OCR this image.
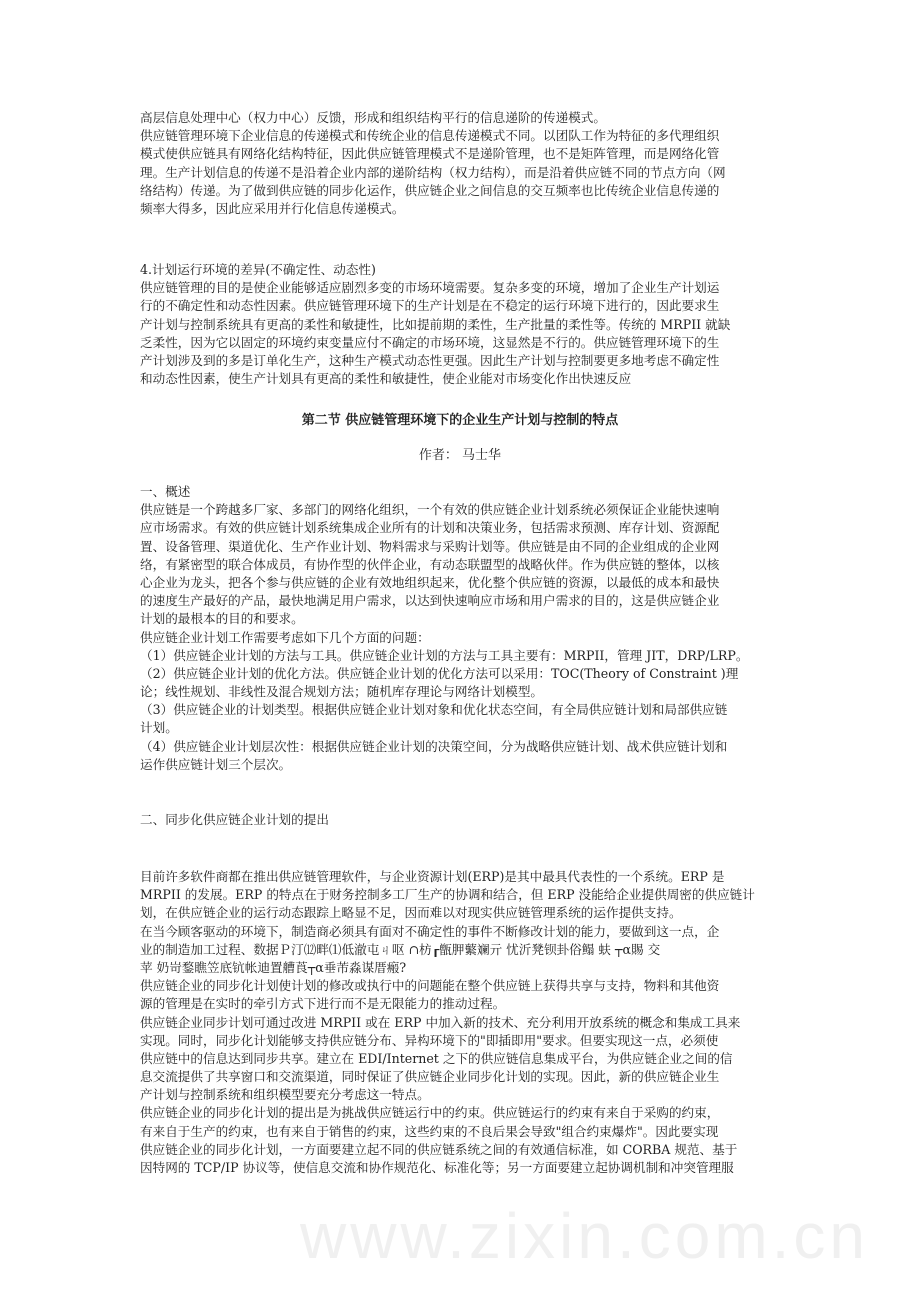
高层信息处理中心（权力中心）反馈，形成和组织结构平行的信息递阶的传递模式。
供应链管理环境下企业信息的传递模式和传统企业的信息传递模式不同。以团队工作为特征的多代理组织
模式使供应链具有网络化结构特征，因此供应链管理模式不是递阶管理，也不是矩阵管理，而是网络化管
理。生产计划信息的传递不是沿着企业内部的递阶结构（权力结构），而是沿着供应链不同的节点方向（网
络结构）传递。为了做到供应链的同步化运作，供应链企业之间信息的交互频率也比传统企业信息传递的
频率大得多，因此应采用并行化信息传递模式。
4.计划运行环境的差异(不确定性、动态性)
供应链管理的目的是使企业能够适应剧烈多变的市场环境需要。复杂多变的环境，增加了企业生产计划运
行的不确定性和动态性因素。供应链管理环境下的生产计划是在不稳定的运行环境下进行的，因此要求生
产计划与控制系统具有更高的柔性和敏捷性，比如提前期的柔性，生产批量的柔性等。传统的 MRPII 就缺
乏柔性，因为它以固定的环境约束变量应付不确定的市场环境，这显然是不行的。供应链管理环境下的生
产计划涉及到的多是订单化生产，这种生产模式动态性更强。因此生产计划与控制要更多地考虑不确定性
和动态性因素，使生产计划具有更高的柔性和敏捷性，使企业能对市场变化作出快速反应
第二节 供应链管理环境下的企业生产计划与控制的特点
作者： 马士华
一、概述
供应链是一个跨越多厂家、多部门的网络化组织，一个有效的供应链企业计划系统必须保证企业能快速响
应市场需求。有效的供应链计划系统集成企业所有的计划和决策业务，包括需求预测、库存计划、资源配
置、设备管理、渠道优化、生产作业计划、物料需求与采购计划等。供应链是由不同的企业组成的企业网
络，有紧密型的联合体成员，有协作型的伙伴企业，有动态联盟型的战略伙伴。作为供应链的整体，以核
心企业为龙头，把各个参与供应链的企业有效地组织起来，优化整个供应链的资源，以最低的成本和最快
的速度生产最好的产品，最快地满足用户需求，以达到快速响应市场和用户需求的目的，这是供应链企业
计划的最根本的目的和要求。
供应链企业计划工作需要考虑如下几个方面的问题：
（1）供应链企业计划的方法与工具。供应链企业计划的方法与工具主要有：MRPII，管理 JIT，DRP/LRP。
（2）供应链企业计划的优化方法。供应链企业计划的优化方法可以采用：TOC(Theory of Constraint )理
论；线性规划、非线性及混合规划方法；随机库存理论与网络计划模型。
（3）供应链企业的计划类型。根据供应链企业计划对象和优化状态空间，有全局供应链计划和局部供应链
计划。
（4）供应链企业计划层次性：根据供应链企业计划的决策空间，分为战略供应链计划、战术供应链计划和
运作供应链计划三个层次。
二、同步化供应链企业计划的提出
目前许多软件商都在推出供应链管理软件，与企业资源计划(ERP)是其中最具代表性的一个系统。ERP 是
MRPII 的发展。ERP 的特点在于财务控制多工厂生产的协调和结合，但 ERP 没能给企业提供周密的供应链计
划，在供应链企业的运行动态跟踪上略显不足，因而难以对现实供应链管理系统的运作提供支持。
在当今顾客驱动的环境下，制造商必须具有面对不确定性的事件不断修改计划的能力，要做到这一点，企
业的制造加工过程、数据Ｐ汀⑿畔⑴低澈屯ㄐ呕 ∩枋┎甑胛蘩斓亓 忧沂凳钡卦俗鳎 蚨 ┬α賜 交
苹 奶岢鍪瞧笠底钪帐迪置艚莨┬α垂芾淼谋厝瘢?
供应链企业的同步化计划使计划的修改或执行中的问题能在整个供应链上获得共享与支持，物料和其他资
源的管理是在实时的牵引方式下进行而不是无限能力的推动过程。
供应链企业同步计划可通过改进 MRPII 或在 ERP 中加入新的技术、充分利用开放系统的概念和集成工具来
实现。同时，同步化计划能够支持供应链分布、异构环境下的"即插即用"要求。但要实现这一点，必须使
供应链中的信息达到同步共享。建立在 EDI/Internet 之下的供应链信息集成平台，为供应链企业之间的信
息交流提供了共享窗口和交流渠道，同时保证了供应链企业同步化计划的实现。因此，新的供应链企业生
产计划与控制系统和组织模型要充分考虑这一特点。
供应链企业的同步化计划的提出是为挑战供应链运行中的约束。供应链运行的约束有来自于采购的约束，
有来自于生产的约束，也有来自于销售的约束，这些约束的不良后果会导致"组合约束爆炸"。因此要实现
供应链企业的同步化计划，一方面要建立起不同的供应链系统之间的有效通信标准，如 CORBA 规范、基于
因特网的 TCP/IP 协议等，使信息交流和协作规范化、标准化等；另一方面要建立起协调机制和冲突管理服
www.zixin.com.cn
